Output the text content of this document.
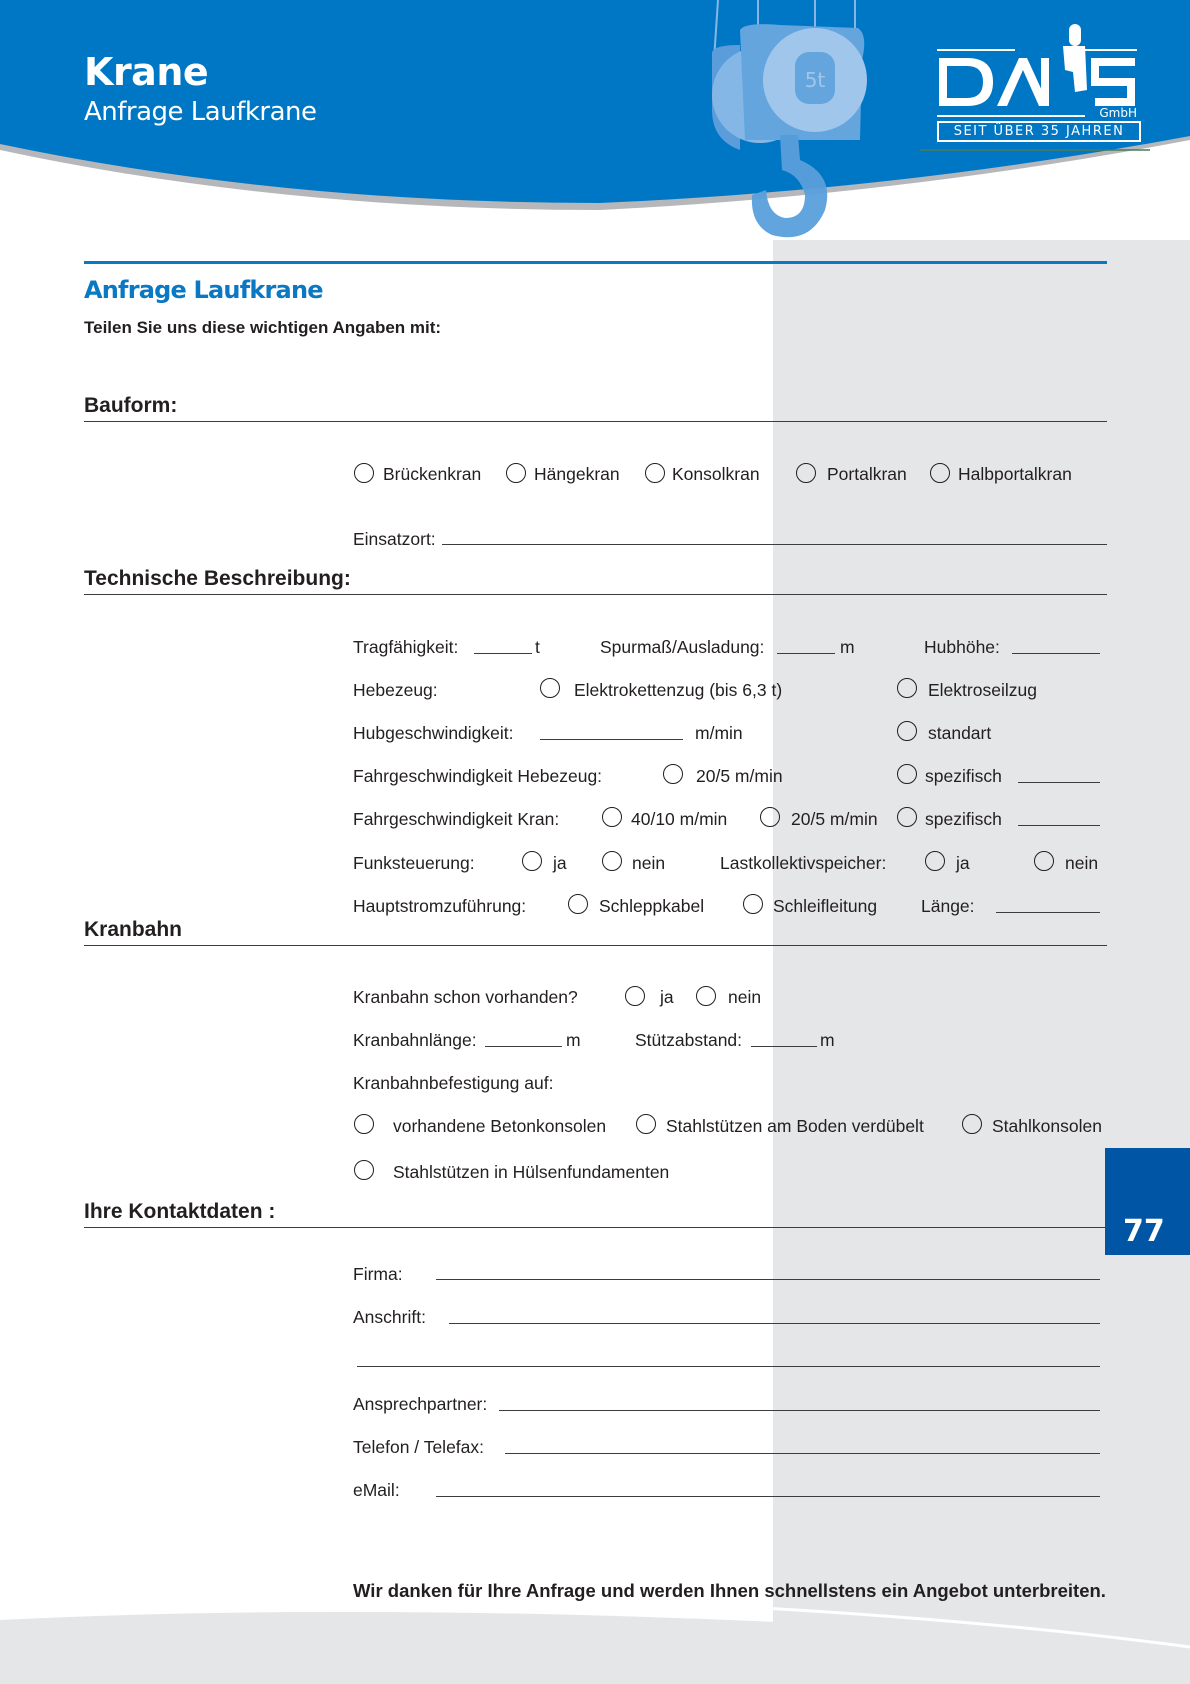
5t
Krane
Anfrage Laufkrane	GmbH
SEIT ÜBER 35 JAHREN
Anfrage Laufkrane
Teilen Sie uns diese wichtigen Angaben mit:
Bauform:
Brückenkran	Hängekran	Konsolkran	Portalkran	Halbportalkran
Einsatzort:
Technische Beschreibung:
Tragfähigkeit:	t	Spurmaß/Ausladung:	m	Hubhöhe:
Hebezeug:	Elektrokettenzug (bis 6,3 t)	Elektroseilzug
Hubgeschwindigkeit:	m/min	standart
Fahrgeschwindigkeit Hebezeug:	20/5 m/min	spezifisch
Fahrgeschwindigkeit Kran:	40/10 m/min	20/5 m/min	spezifisch
Funksteuerung:	ja	nein	Lastkollektivspeicher:	ja	nein
Hauptstromzuführung:	Schleppkabel	Schleifleitung	Länge:
Kranbahn
Kranbahn schon vorhanden?	ja	nein
Kranbahnlänge:	m	Stützabstand:	m
Kranbahnbefestigung auf:
vorhandene Betonkonsolen	Stahlstützen am Boden verdübelt	Stahlkonsolen
Stahlstützen in Hülsenfundamenten
77
Ihre Kontaktdaten :
Firma:
Anschrift:
Ansprechpartner:
Telefon / Telefax:
eMail:
Wir danken für Ihre Anfrage und werden Ihnen schnellstens ein Angebot unterbreiten.
